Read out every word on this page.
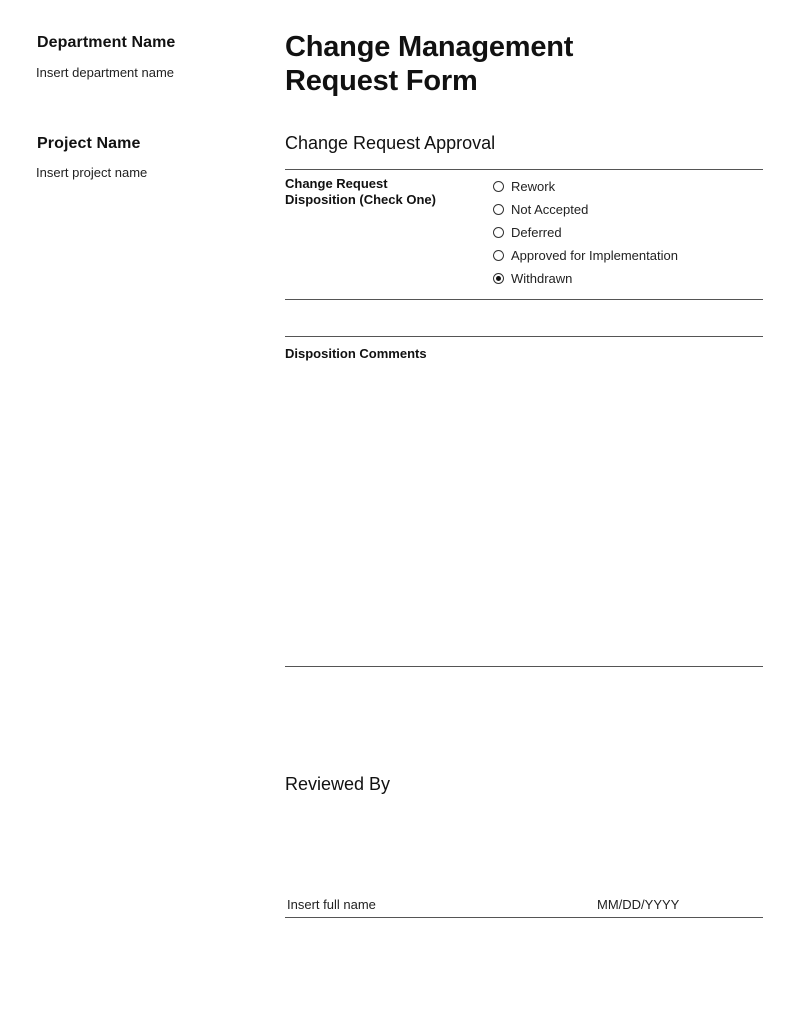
Department Name

Insert department name

Project Name

Insert project name

Change Management
Request Form
Change Request Approval

Change Request
Disposition (Check One)

Rework
Not Accepted
Deferred
Approved for Implementation
Withdrawn

Disposition Comments

Reviewed By
Insert full name	MM/DD/YYYY
